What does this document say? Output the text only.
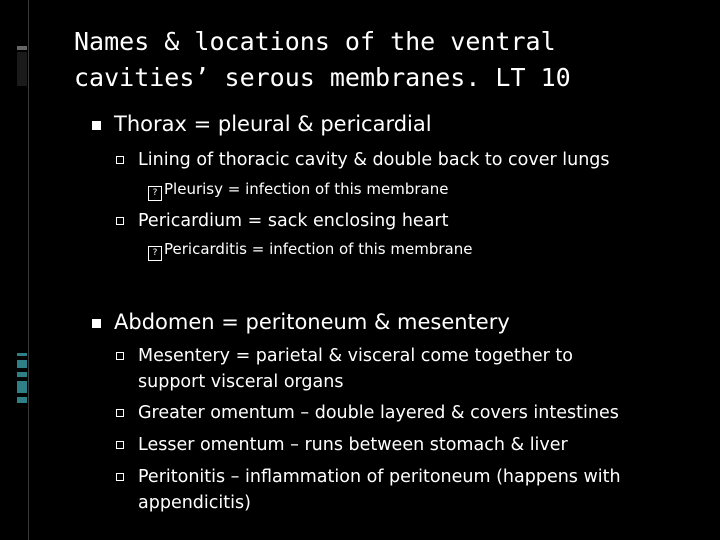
Names & locations of the ventral cavities’ serous membranes. LT 10
Thorax = pleural & pericardial
Lining of thoracic cavity & double back to cover lungs
? Pleurisy = infection of this membrane
Pericardium = sack enclosing heart
? Pericarditis = infection of this membrane
Abdomen = peritoneum & mesentery
Mesentery = parietal & visceral come together to support visceral organs
Greater omentum – double layered & covers intestines
Lesser omentum – runs between stomach & liver
Peritonitis – inflammation of peritoneum (happens with appendicitis)
